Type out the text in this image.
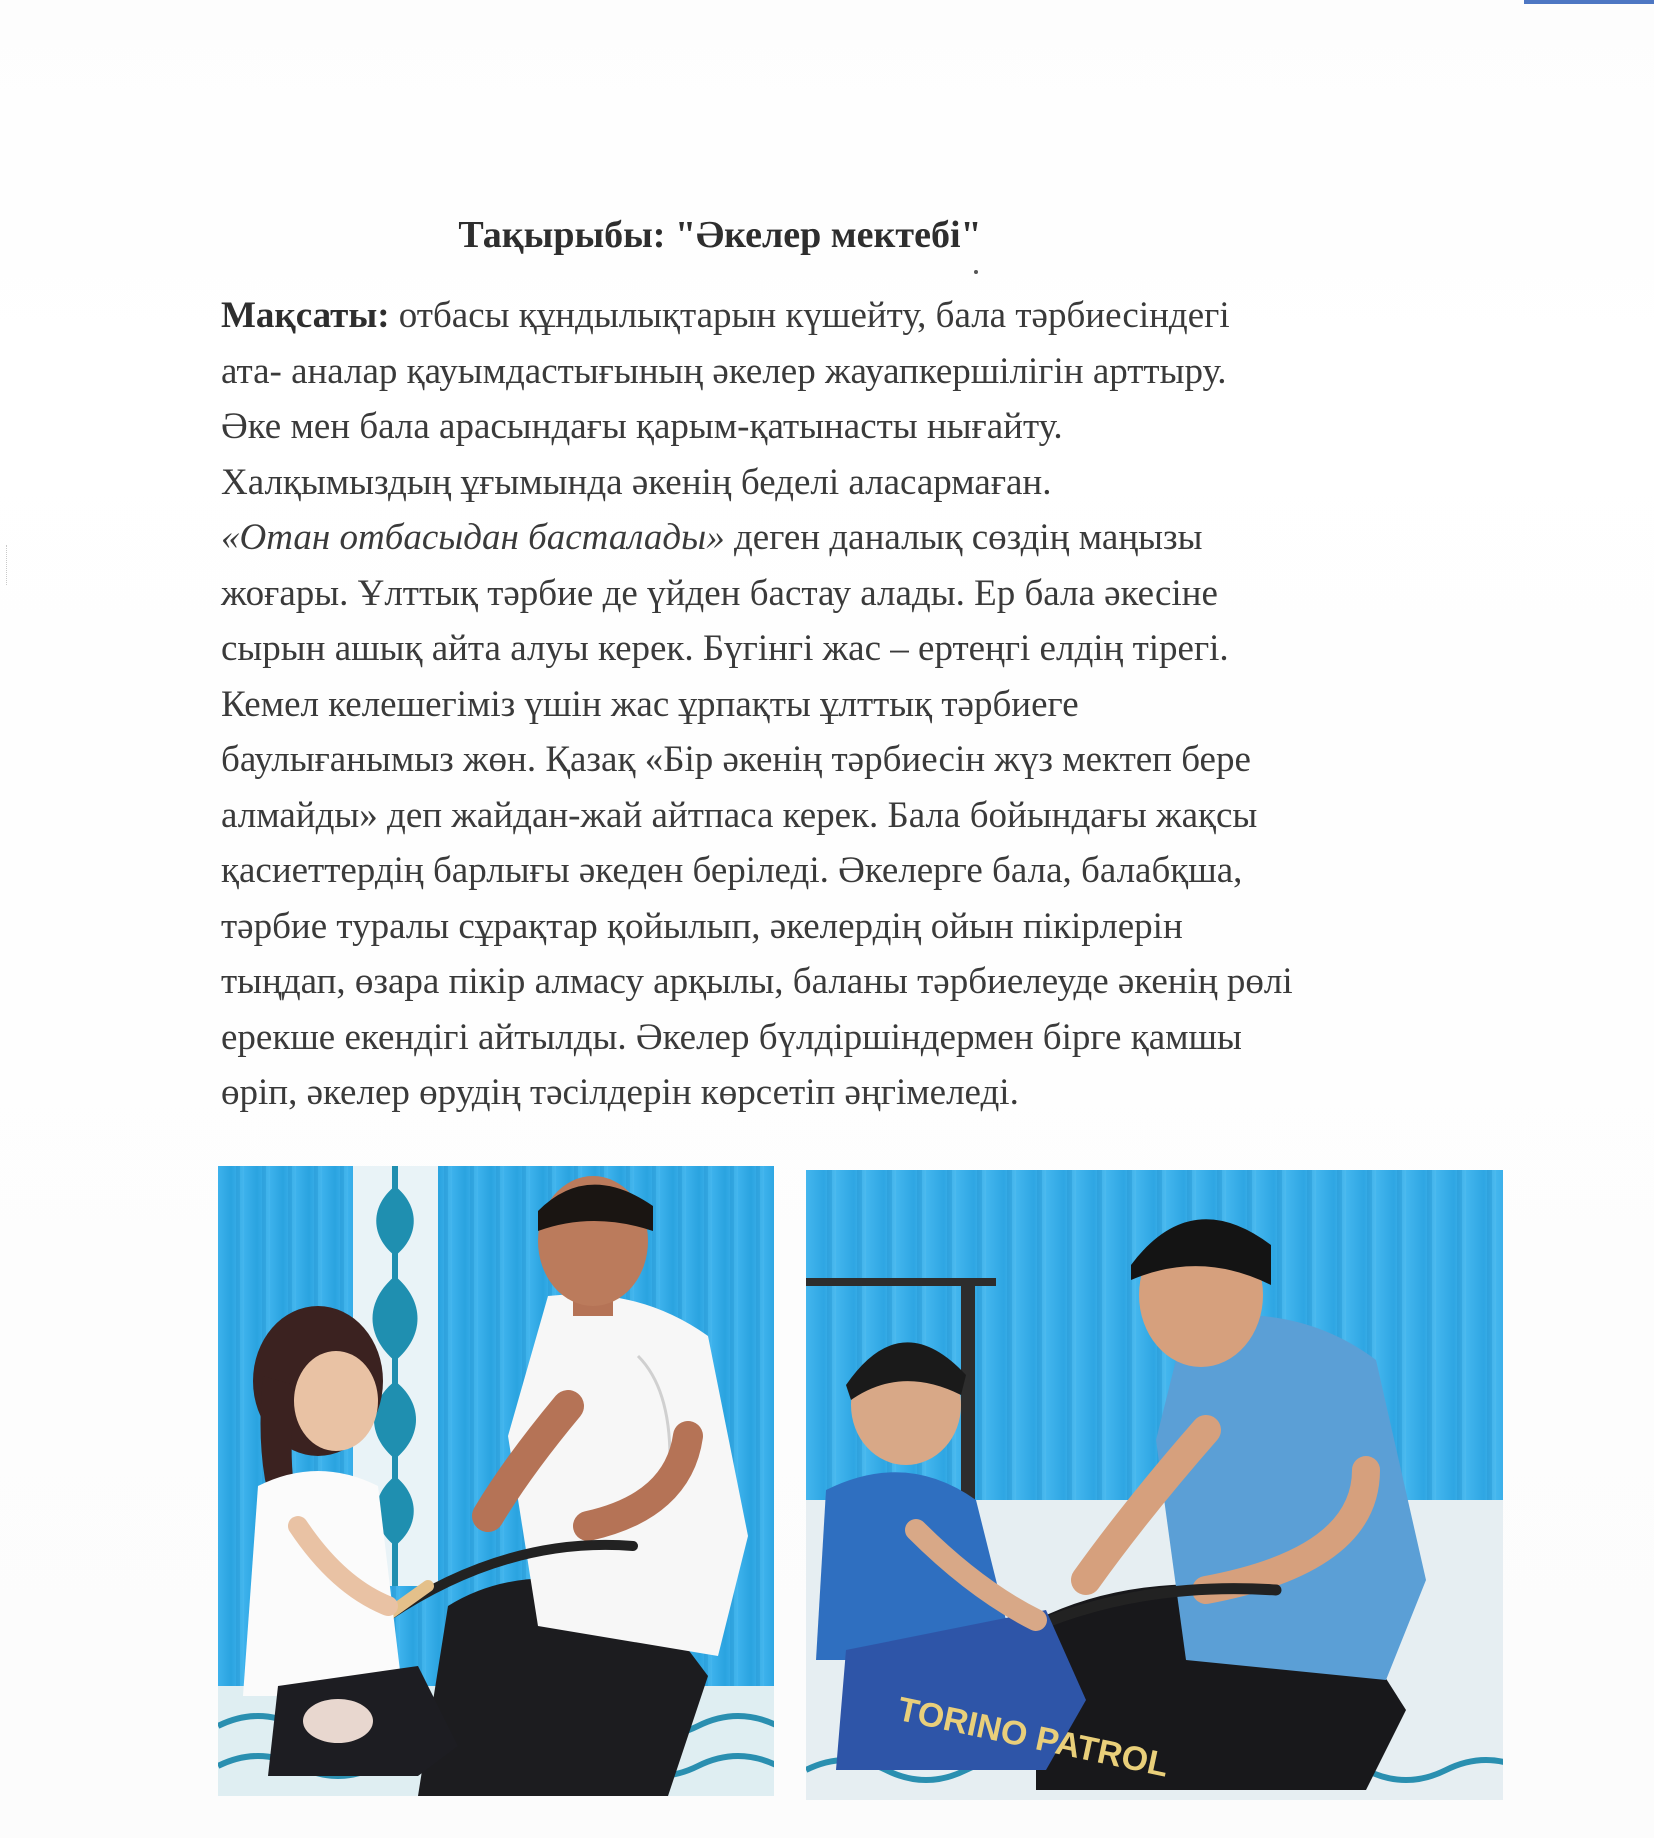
Тақырыбы: "Әкелер мектебі"

Мақсаты: отбасы құндылықтарын күшейту, бала тәрбиесіндегі
ата- аналар қауымдастығының әкелер жауапкершілігін арттыру.
Әке мен бала арасындағы қарым-қатынасты нығайту.
Халқымыздың ұғымында әкенің беделі аласармаған.
«Отан отбасыдан басталады» деген даналық сөздің маңызы
жоғары. Ұлттық тәрбие де үйден бастау алады. Ер бала әкесіне
сырын ашық айта алуы керек. Бүгінгі жас – ертеңгі елдің тірегі.
Кемел келешегіміз үшін жас ұрпақты ұлттық тәрбиеге
баулығанымыз жөн. Қазақ «Бір әкенің тәрбиесін жүз мектеп бере
алмайды» деп жайдан-жай айтпаса керек. Бала бойындағы жақсы
қасиеттердің барлығы әкеден беріледі. Әкелерге бала, балабқша,
тәрбие туралы сұрақтар қойылып, әкелердің ойын пікірлерін
тыңдап, өзара пікір алмасу арқылы, баланы тәрбиелеуде әкенің рөлі
ерекше екендігі айтылды. Әкелер бүлдіршіндермен бірге қамшы
өріп, әкелер өрудің тәсілдерін көрсетіп әңгімеледі.

TORINO PATROL
